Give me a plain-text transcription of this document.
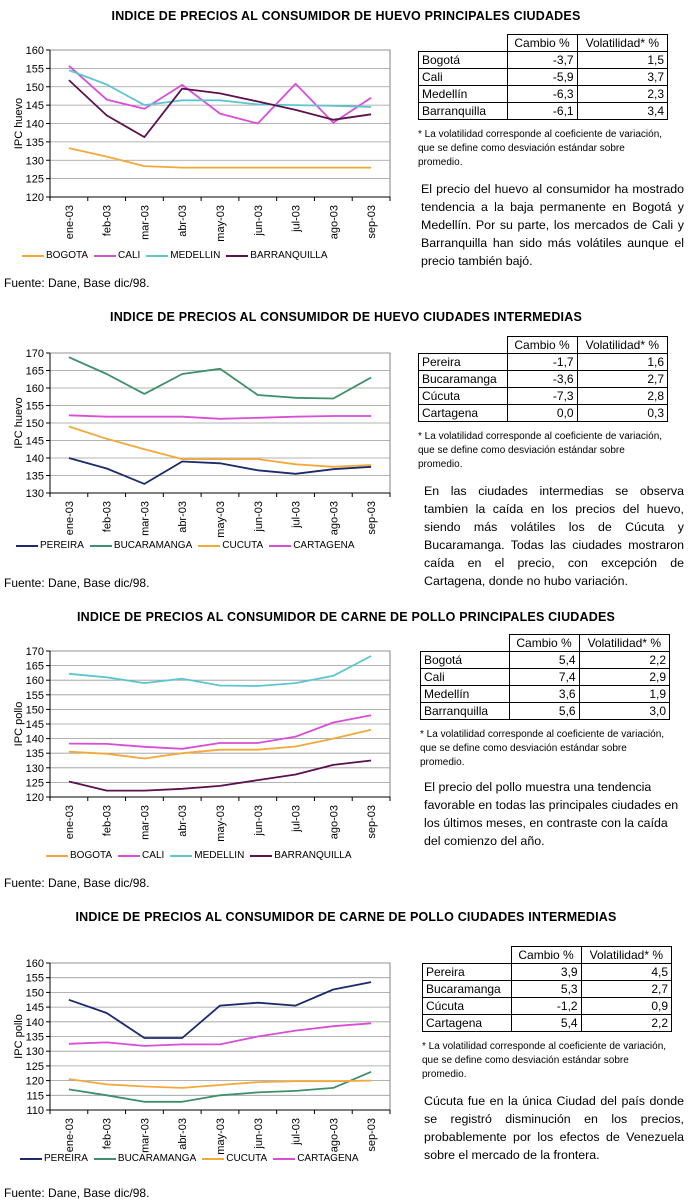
INDICE DE PRECIOS AL CONSUMIDOR DE HUEVO PRINCIPALES CIUDADES
120
125
130
135
140
145
150
155
160
ene-03 feb-03 mar-03 abr-03 may-03 jun-03 jul-03 ago-03 sep-03
IPC huevo
BOGOTA	CALI	MEDELLIN	BARRANQUILLA
	Cambio %	Volatilidad* %
Bogotá	-3,7	1,5
Cali	-5,9	3,7
Medellín	-6,3	2,3
Barranquilla	-6,1	3,4
* La volatilidad corresponde al coeficiente de variación, que se define como desviación estándar sobre promedio.
El precio del huevo al consumidor ha mostrado tendencia a la baja permanente en Bogotá y Medellín. Por su parte, los mercados de Cali y Barranquilla han sido más volátiles aunque el precio también bajó.
Fuente: Dane, Base dic/98.
INDICE DE PRECIOS AL CONSUMIDOR DE HUEVO CIUDADES INTERMEDIAS
130
135
140
145
150
155
160
165
170
ene-03 feb-03 mar-03 abr-03 may-03 jun-03 jul-03 ago-03 sep-03
IPC huevo
PEREIRA	BUCARAMANGA	CUCUTA	CARTAGENA
	Cambio %	Volatilidad* %
Pereira	-1,7	1,6
Bucaramanga	-3,6	2,7
Cúcuta	-7,3	2,8
Cartagena	0,0	0,3
* La volatilidad corresponde al coeficiente de variación, que se define como desviación estándar sobre promedio.
En las ciudades intermedias se observa tambien la caída en los precios del huevo, siendo más volátiles los de Cúcuta y Bucaramanga. Todas las ciudades mostraron caída en el precio, con excepción de Cartagena, donde no hubo variación.
Fuente: Dane, Base dic/98.
INDICE DE PRECIOS AL CONSUMIDOR DE CARNE DE POLLO PRINCIPALES CIUDADES
120
125
130
135
140
145
150
155
160
165
170
ene-03 feb-03 mar-03 abr-03 may-03 jun-03 jul-03 ago-03 sep-03
IPC pollo
BOGOTA	CALI	MEDELLIN	BARRANQUILLA
	Cambio %	Volatilidad* %
Bogotá	5,4	2,2
Cali	7,4	2,9
Medellín	3,6	1,9
Barranquilla	5,6	3,0
* La volatilidad corresponde al coeficiente de variación, que se define como desviación estándar sobre promedio.
El precio del pollo muestra una tendencia favorable en todas las principales ciudades en los últimos meses, en contraste con la caída del comienzo del año.
Fuente: Dane, Base dic/98.
INDICE DE PRECIOS AL CONSUMIDOR DE CARNE DE POLLO CIUDADES INTERMEDIAS
110
115
120
125
130
135
140
145
150
155
160
ene-03 feb-03 mar-03 abr-03 may-03 jun-03 jul-03 ago-03 sep-03
IPC pollo
PEREIRA	BUCARAMANGA	CUCUTA	CARTAGENA
	Cambio %	Volatilidad* %
Pereira	3,9	4,5
Bucaramanga	5,3	2,7
Cúcuta	-1,2	0,9
Cartagena	5,4	2,2
* La volatilidad corresponde al coeficiente de variación, que se define como desviación estándar sobre promedio.
Cúcuta fue en la única Ciudad del país donde se registró disminución en los precios, probablemente por los efectos de Venezuela sobre el mercado de la frontera.
Fuente: Dane, Base dic/98.
